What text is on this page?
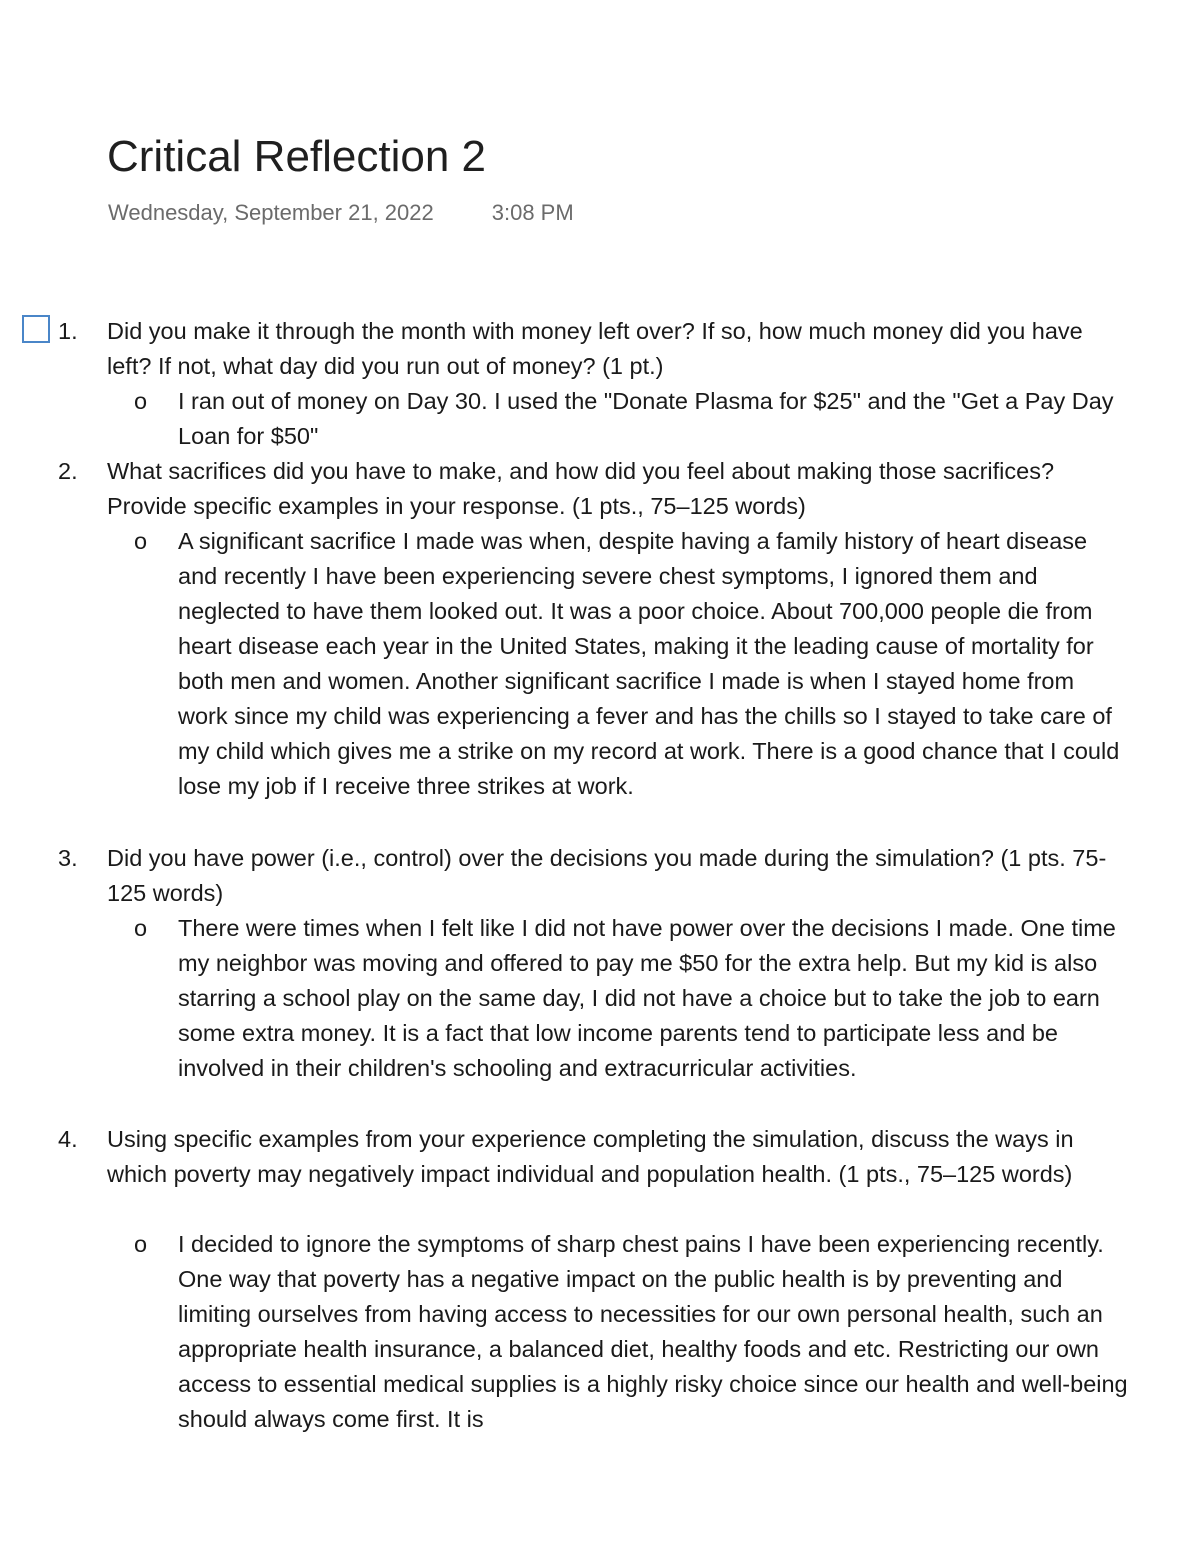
Critical Reflection 2
Wednesday, September 21, 2022	3:08 PM
1. Did you make it through the month with money left over? If so, how much money did you have left? If not, what day did you run out of money? (1 pt.)
o I ran out of money on Day 30. I used the "Donate Plasma for $25" and the "Get a Pay Day Loan for $50"
2. What sacrifices did you have to make, and how did you feel about making those sacrifices? Provide specific examples in your response. (1 pts., 75–125 words)
o A significant sacrifice I made was when, despite having a family history of heart disease and recently I have been experiencing severe chest symptoms, I ignored them and neglected to have them looked out. It was a poor choice. About 700,000 people die from heart disease each year in the United States, making it the leading cause of mortality for both men and women. Another significant sacrifice I made is when I stayed home from work since my child was experiencing a fever and has the chills so I stayed to take care of my child which gives me a strike on my record at work. There is a good chance that I could lose my job if I receive three strikes at work.
3. Did you have power (i.e., control) over the decisions you made during the simulation? (1 pts. 75-125 words)
o There were times when I felt like I did not have power over the decisions I made. One time my neighbor was moving and offered to pay me $50 for the extra help. But my kid is also starring a school play on the same day, I did not have a choice but to take the job to earn some extra money. It is a fact that low income parents tend to participate less and be involved in their children's schooling and extracurricular activities.
4. Using specific examples from your experience completing the simulation, discuss the ways in which poverty may negatively impact individual and population health. (1 pts., 75–125 words)
o I decided to ignore the symptoms of sharp chest pains I have been experiencing recently. One way that poverty has a negative impact on the public health is by preventing and limiting ourselves from having access to necessities for our own personal health, such an appropriate health insurance, a balanced diet, healthy foods and etc. Restricting our own access to essential medical supplies is a highly risky choice since our health and well-being should always come first. It is
